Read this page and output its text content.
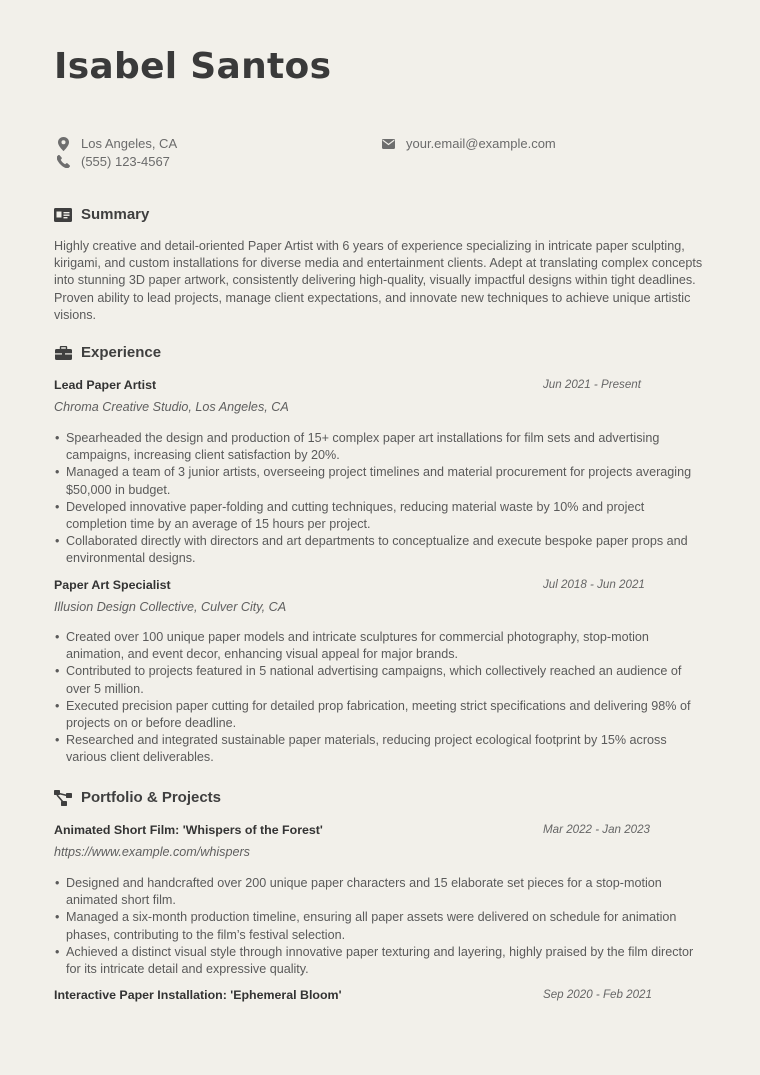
Isabel Santos
Los Angeles, CA
(555) 123-4567
your.email@example.com
Summary

Highly creative and detail-oriented Paper Artist with 6 years of experience specializing in intricate paper sculpting, kirigami, and custom installations for diverse media and entertainment clients. Adept at translating complex concepts into stunning 3D paper artwork, consistently delivering high-quality, visually impactful designs within tight deadlines. Proven ability to lead projects, manage client expectations, and innovate new techniques to achieve unique artistic visions.

Experience
Lead Paper Artist	Jun 2021 - Present
Chroma Creative Studio, Los Angeles, CA
• Spearheaded the design and production of 15+ complex paper art installations for film sets and advertising campaigns, increasing client satisfaction by 20%.
• Managed a team of 3 junior artists, overseeing project timelines and material procurement for projects averaging $50,000 in budget.
• Developed innovative paper-folding and cutting techniques, reducing material waste by 10% and project completion time by an average of 15 hours per project.
• Collaborated directly with directors and art departments to conceptualize and execute bespoke paper props and environmental designs.
Paper Art Specialist	Jul 2018 - Jun 2021
Illusion Design Collective, Culver City, CA
• Created over 100 unique paper models and intricate sculptures for commercial photography, stop-motion animation, and event decor, enhancing visual appeal for major brands.
• Contributed to projects featured in 5 national advertising campaigns, which collectively reached an audience of over 5 million.
• Executed precision paper cutting for detailed prop fabrication, meeting strict specifications and delivering 98% of projects on or before deadline.
• Researched and integrated sustainable paper materials, reducing project ecological footprint by 15% across various client deliverables.
Portfolio & Projects
Animated Short Film: 'Whispers of the Forest'	Mar 2022 - Jan 2023
https://www.example.com/whispers
• Designed and handcrafted over 200 unique paper characters and 15 elaborate set pieces for a stop-motion animated short film.
• Managed a six-month production timeline, ensuring all paper assets were delivered on schedule for animation phases, contributing to the film’s festival selection.
• Achieved a distinct visual style through innovative paper texturing and layering, highly praised by the film director for its intricate detail and expressive quality.
Interactive Paper Installation: 'Ephemeral Bloom'	Sep 2020 - Feb 2021
